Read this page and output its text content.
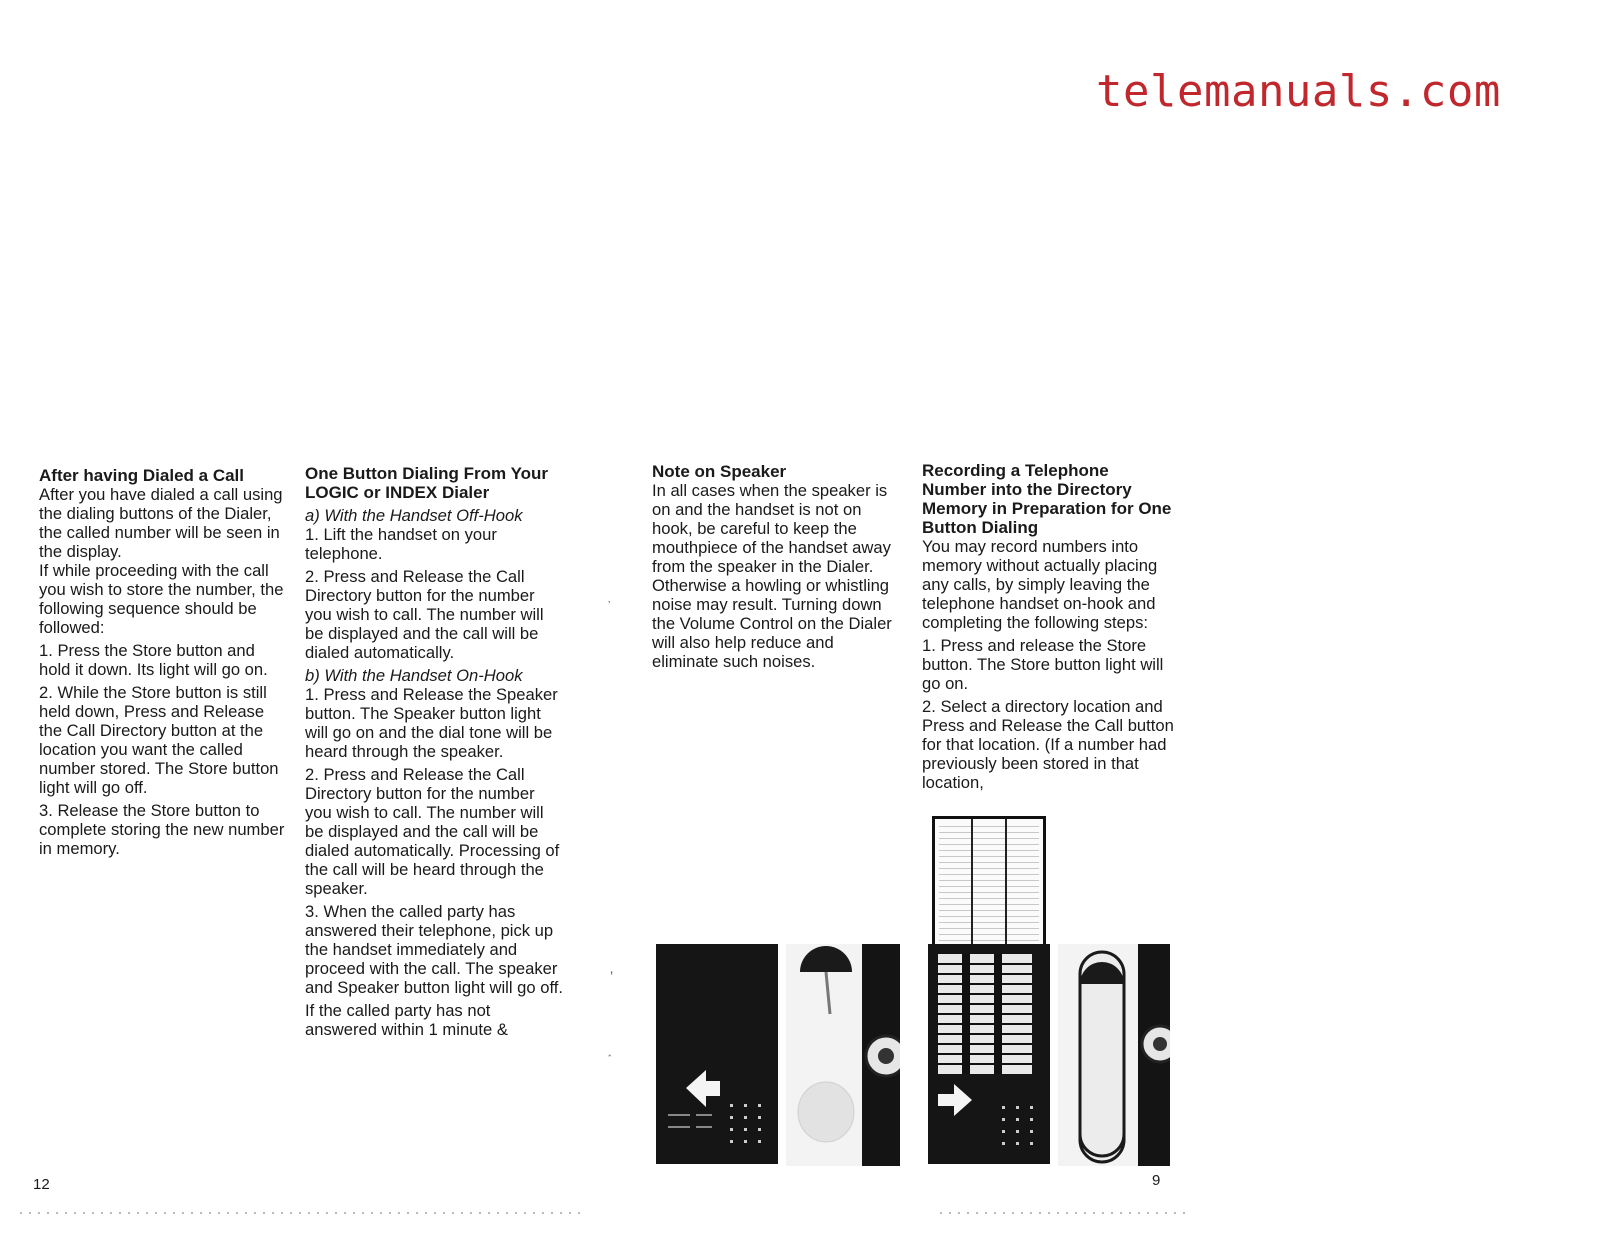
telemanuals.com
After having Dialed a Call

After you have dialed a call using the dialing buttons of the Dialer, the called number will be seen in the display.

If while proceeding with the call you wish to store the number, the following sequence should be followed:

1. Press the Store button and hold it down. Its light will go on.

2. While the Store button is still held down, Press and Release the Call Directory button at the location you want the called number stored. The Store button light will go off.

3. Release the Store button to complete storing the new number in memory.

One Button Dialing From Your LOGIC or INDEX Dialer

a) With the Handset Off-Hook

1. Lift the handset on your telephone.

2. Press and Release the Call Directory button for the number you wish to call. The number will be displayed and the call will be dialed automatically.

b) With the Handset On-Hook

1. Press and Release the Speaker button. The Speaker button light will go on and the dial tone will be heard through the speaker.

2. Press and Release the Call Directory button for the number you wish to call. The number will be displayed and the call will be dialed automatically. Processing of the call will be heard through the speaker.

3. When the called party has answered their telephone, pick up the handset immediately and proceed with the call. The speaker and Speaker button light will go off.

If the called party has not answered within 1 minute &

Note on Speaker

In all cases when the speaker is on and the handset is not on hook, be careful to keep the mouthpiece of the handset away from the speaker in the Dialer. Otherwise a howling or whistling noise may result. Turning down the Volume Control on the Dialer will also help reduce and eliminate such noises.

Recording a Telephone Number into the Directory Memory in Preparation for One Button Dialing

You may record numbers into memory without actually placing any calls, by simply leaving the telephone handset on-hook and completing the following steps:

1. Press and release the Store button. The Store button light will go on.

2. Select a directory location and Press and Release the Call button for that location. (If a number had previously been stored in that location,

’
’
‸
12	9
